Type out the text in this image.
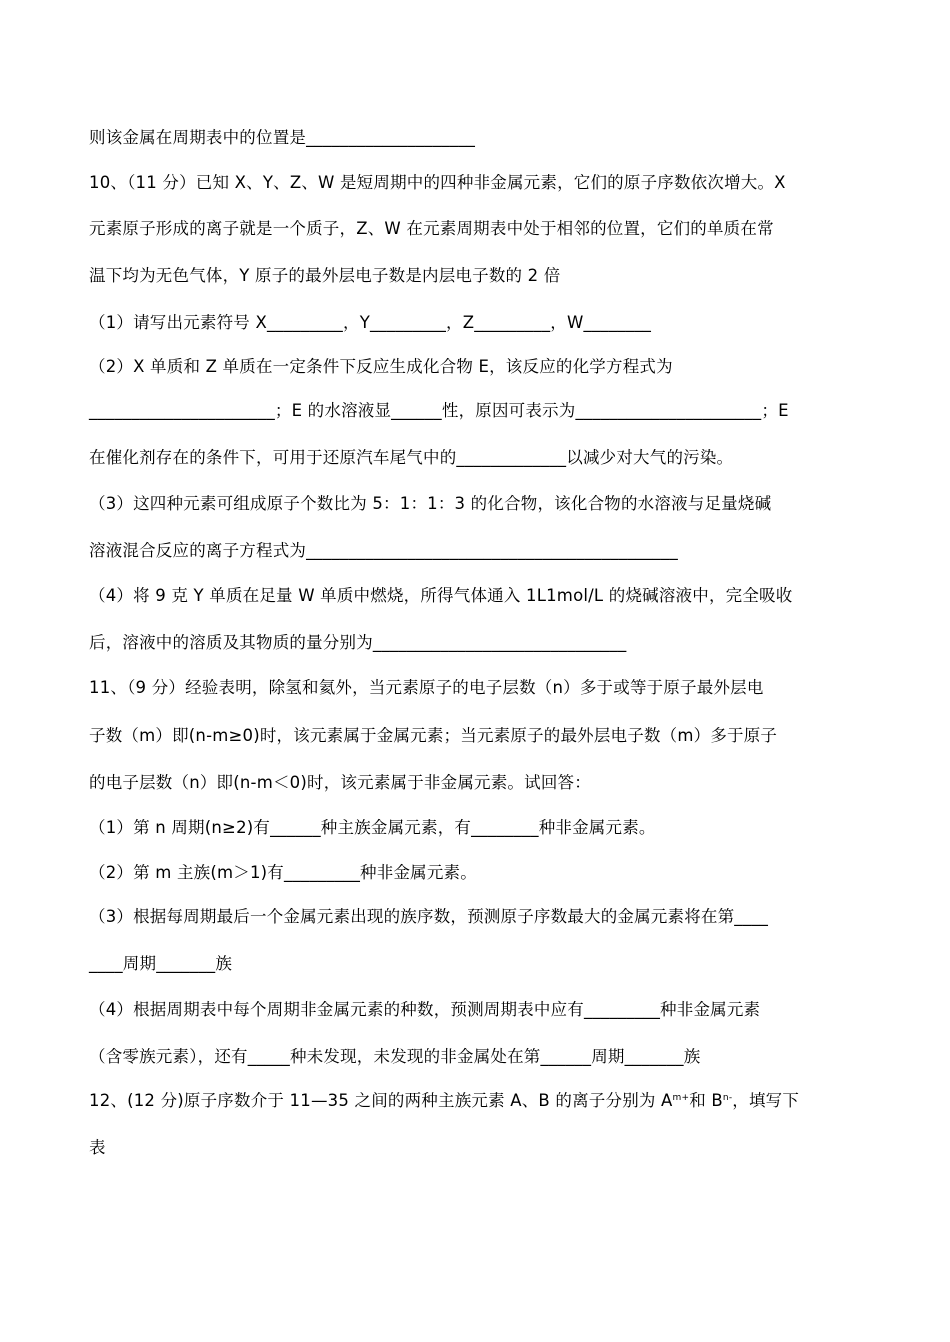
则该金属在周期表中的位置是____________________

10、（11 分）已知 X、Y、Z、W 是短周期中的四种非金属元素，它们的原子序数依次增大。X

元素原子形成的离子就是一个质子，Z、W 在元素周期表中处于相邻的位置，它们的单质在常

温下均为无色气体，Y 原子的最外层电子数是内层电子数的 2 倍

（1）请写出元素符号 X_________，Y_________，Z_________，W________

（2）X 单质和 Z 单质在一定条件下反应生成化合物 E，该反应的化学方程式为

______________________；E 的水溶液显______性，原因可表示为______________________；E

在催化剂存在的条件下，可用于还原汽车尾气中的_____________以减少对大气的污染。

（3）这四种元素可组成原子个数比为 5：1：1：3 的化合物，该化合物的水溶液与足量烧碱

溶液混合反应的离子方程式为____________________________________________

（4）将 9 克 Y 单质在足量 W 单质中燃烧，所得气体通入 1L1mol/L 的烧碱溶液中，完全吸收

后，溶液中的溶质及其物质的量分别为______________________________

11、（9 分）经验表明，除氢和氦外，当元素原子的电子层数（n）多于或等于原子最外层电

子数（m）即(n-m≥0)时，该元素属于金属元素；当元素原子的最外层电子数（m）多于原子

的电子层数（n）即(n-m＜0)时，该元素属于非金属元素。试回答：

（1）第 n 周期(n≥2)有______种主族金属元素，有________种非金属元素。

（2）第 m 主族(m＞1)有_________种非金属元素。

（3）根据每周期最后一个金属元素出现的族序数，预测原子序数最大的金属元素将在第____

____周期_______族

（4）根据周期表中每个周期非金属元素的种数，预测周期表中应有_________种非金属元素

（含零族元素），还有_____种未发现，未发现的非金属处在第______周期_______族

12、(12 分)原子序数介于 11—35 之间的两种主族元素 A、B 的离子分别为 $A^{m+}$和 $B^{n-}$，填写下

表
